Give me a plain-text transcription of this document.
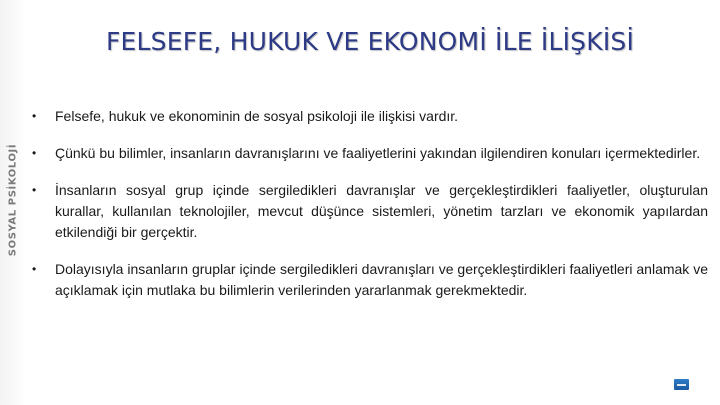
SOSYAL PSİKOLOJİ
FELSEFE, HUKUK VE EKONOMİ İLE İLİŞKİSİ
•	Felsefe, hukuk ve ekonominin de sosyal psikoloji ile ilişkisi vardır.
•	Çünkü bu bilimler, insanların davranışlarını ve faaliyetlerini yakından ilgilendiren konuları içermektedirler.
•	İnsanların sosyal grup içinde sergiledikleri davranışlar ve gerçekleştirdikleri faaliyetler, oluşturulan kurallar, kullanılan teknolojiler, mevcut düşünce sistemleri, yönetim tarzları ve ekonomik yapılardan etkilendiği bir gerçektir.
•	Dolayısıyla insanların gruplar içinde sergiledikleri davranışları ve gerçekleştirdikleri faaliyetleri anlamak ve açıklamak için mutlaka bu bilimlerin verilerinden yararlanmak gerekmektedir.
